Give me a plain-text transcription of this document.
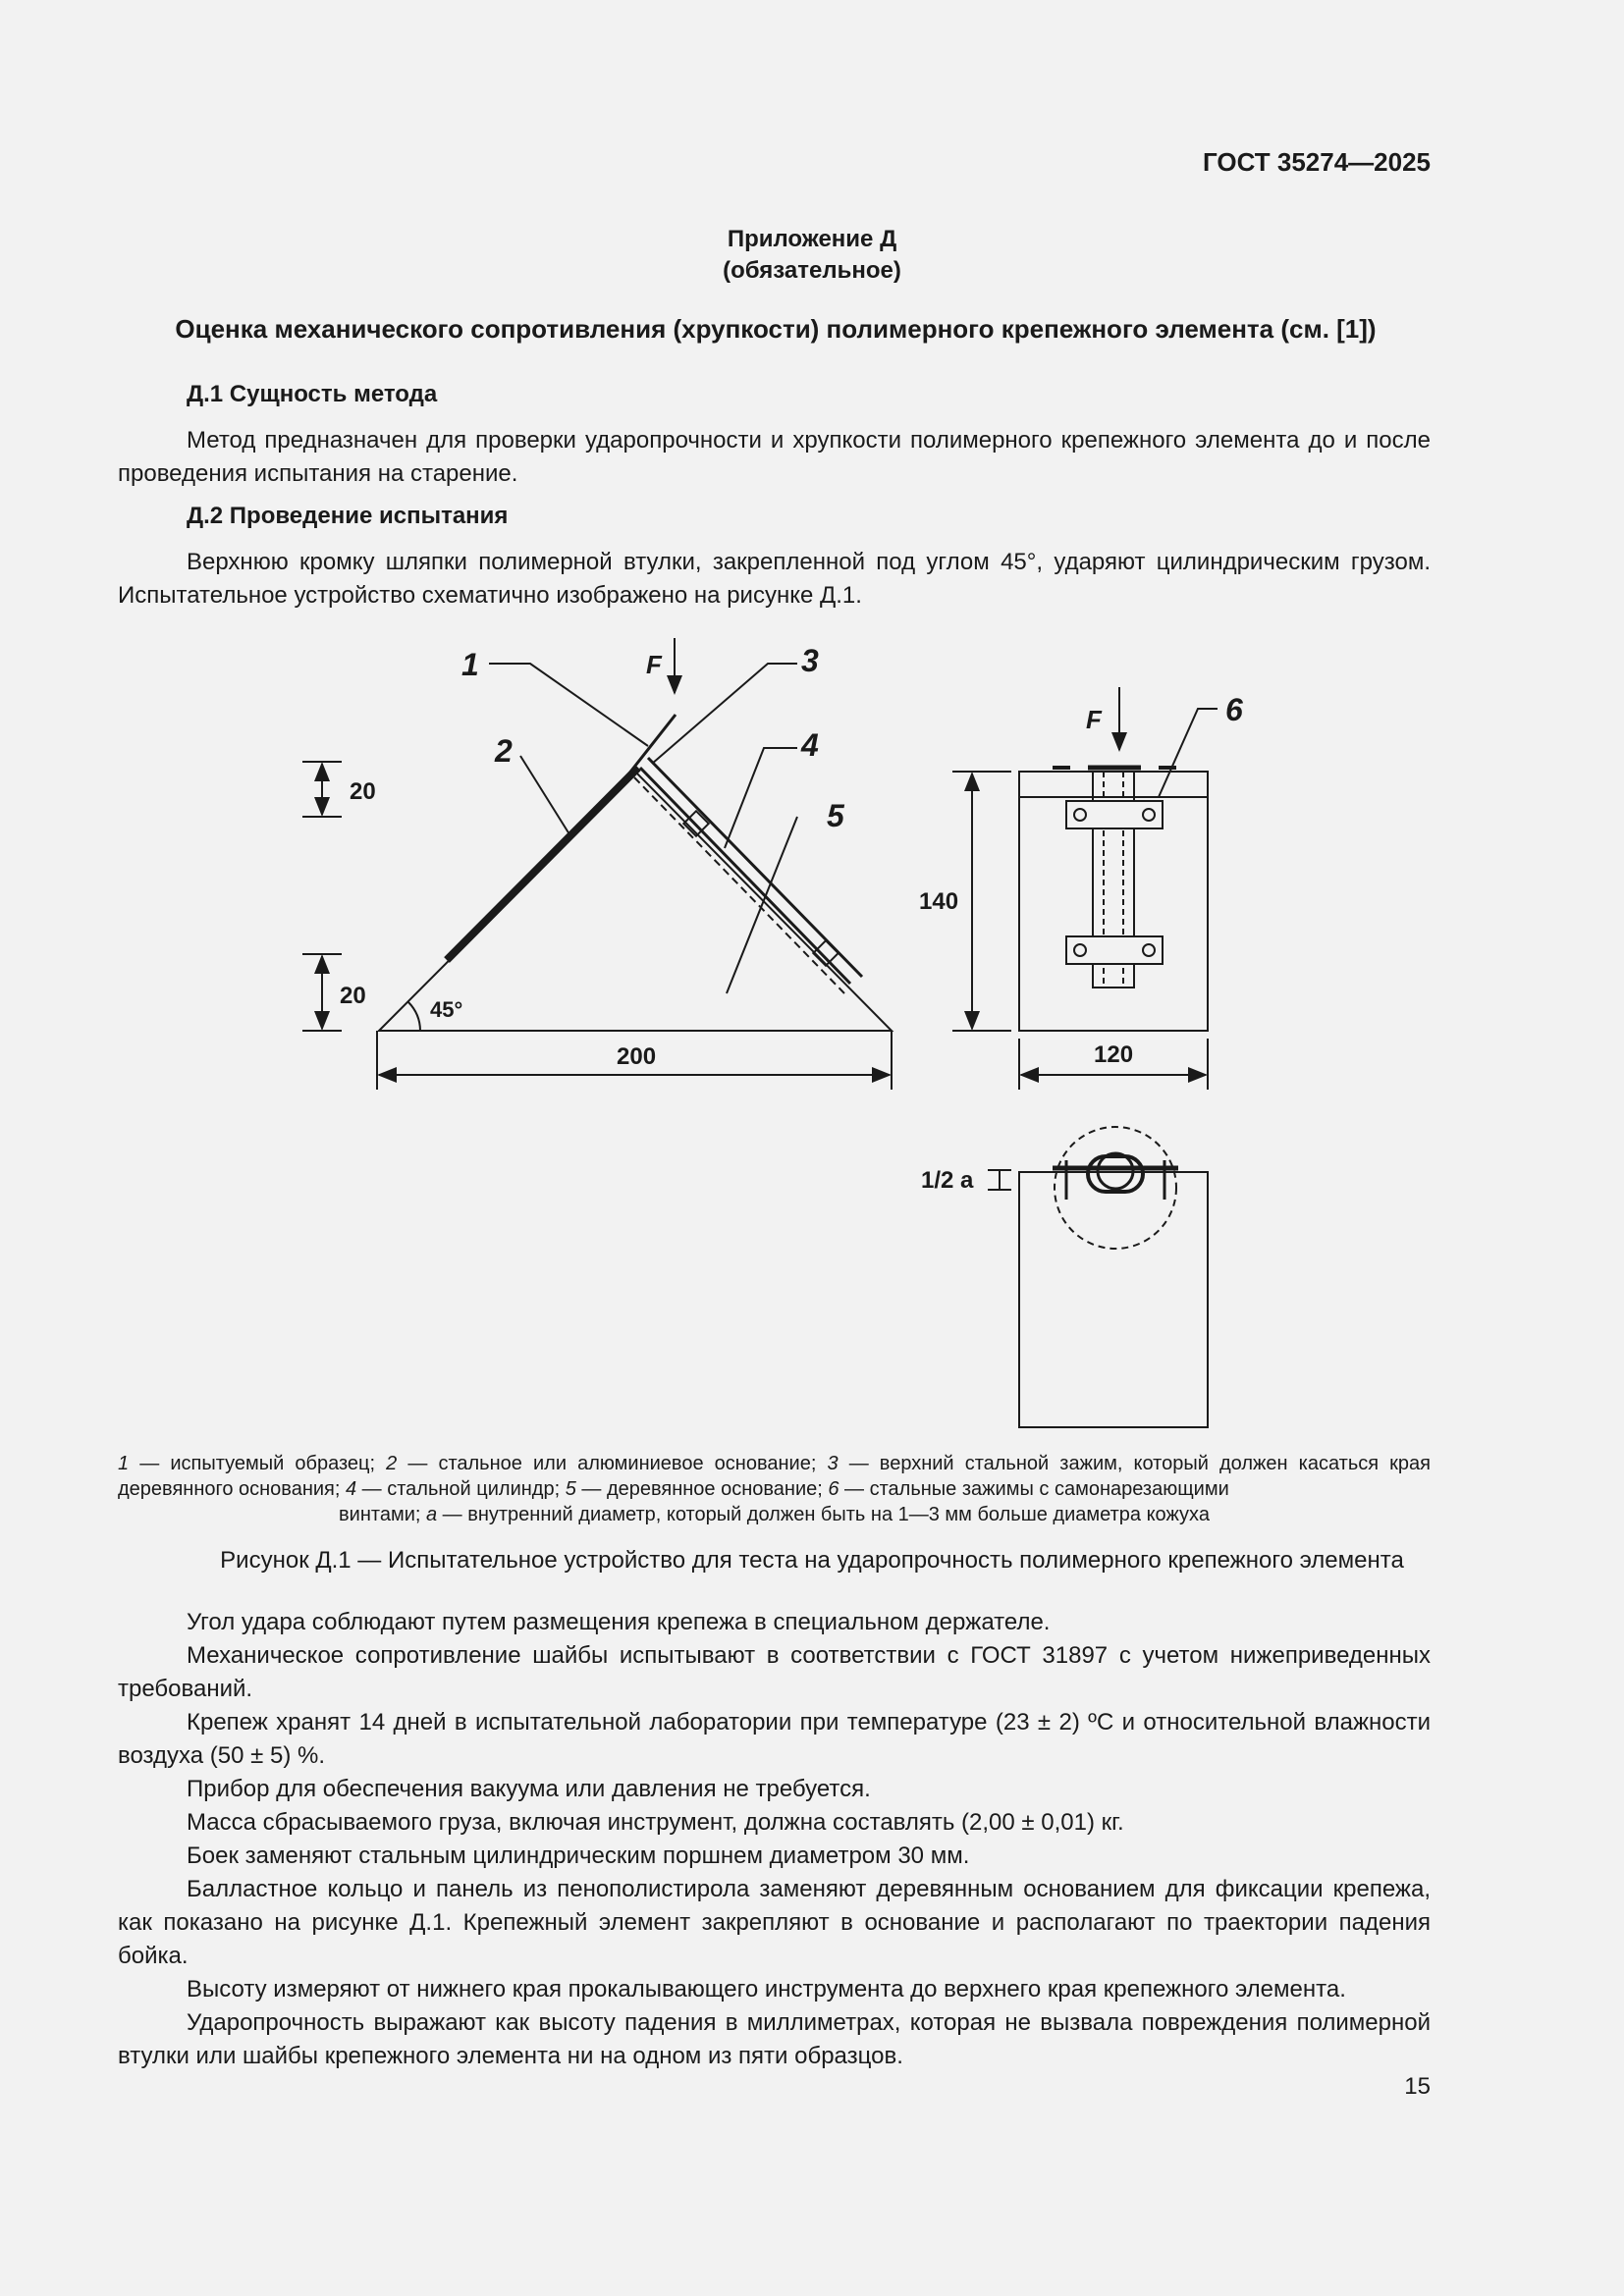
ГОСТ 35274—2025
Приложение Д
(обязательное)
Оценка механического сопротивления (хрупкости) полимерного крепежного элемента (см. [1])
Д.1 Сущность метода
Метод предназначен для проверки ударопрочности и хрупкости полимерного крепежного элемента до и после проведения испытания на старение.
Д.2 Проведение испытания
Верхнюю кромку шляпки полимерной втулки, закрепленной под углом 45°, ударяют цилиндрическим грузом. Испытательное устройство схематично изображено на рисунке Д.1.
1
2
3
4
5
6
F
F
20
20
45°
200
140
120
1/2 a
1 — испытуемый образец; 2 — стальное или алюминиевое основание; 3 — верхний стальной зажим, который должен касаться края деревянного основания; 4 — стальной цилиндр; 5 — деревянное основание; 6 — стальные зажимы с самонарезающими
винтами; а — внутренний диаметр, который должен быть на 1—3 мм больше диаметра кожуха
Рисунок Д.1 — Испытательное устройство для теста на ударопрочность полимерного крепежного элемента

Угол удара соблюдают путем размещения крепежа в специальном держателе.

Механическое сопротивление шайбы испытывают в соответствии с ГОСТ 31897 с учетом нижеприведенных требований.

Крепеж хранят 14 дней в испытательной лаборатории при температуре (23 ± 2) ºС и относительной влажности воздуха (50 ± 5) %.

Прибор для обеспечения вакуума или давления не требуется.

Масса сбрасываемого груза, включая инструмент, должна составлять (2,00 ± 0,01) кг.

Боек заменяют стальным цилиндрическим поршнем диаметром 30 мм.

Балластное кольцо и панель из пенополистирола заменяют деревянным основанием для фиксации крепежа, как показано на рисунке Д.1. Крепежный элемент закрепляют в основание и располагают по траектории падения бойка.

Высоту измеряют от нижнего края прокалывающего инструмента до верхнего края крепежного элемента.

Ударопрочность выражают как высоту падения в миллиметрах, которая не вызвала повреждения полимерной втулки или шайбы крепежного элемента ни на одном из пяти образцов.

15
